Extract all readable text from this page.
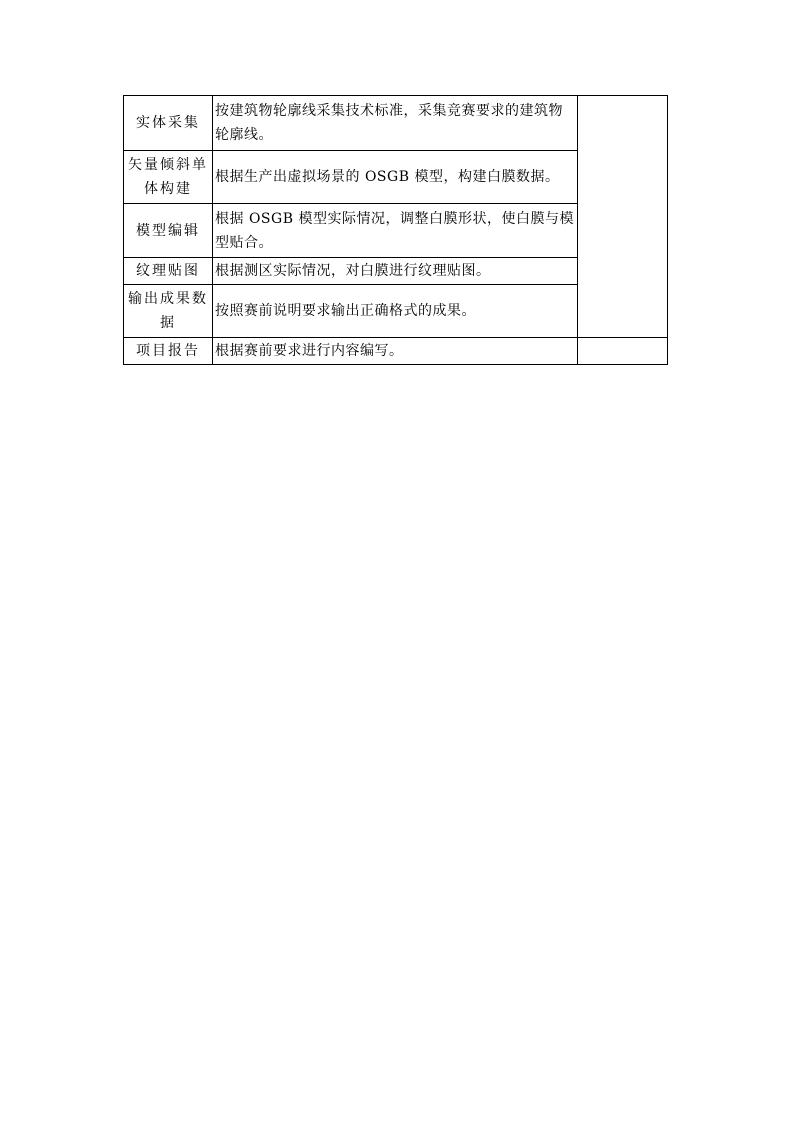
实体采集	按建筑物轮廓线采集技术标准，采集竞赛要求的建筑物轮廓线。	
矢量倾斜单体构建	根据生产出虚拟场景的 OSGB 模型，构建白膜数据。	
模型编辑	根据 OSGB 模型实际情况，调整白膜形状，使白膜与模型贴合。	
纹理贴图	根据测区实际情况，对白膜进行纹理贴图。	
输出成果数据	按照赛前说明要求输出正确格式的成果。	
项目报告	根据赛前要求进行内容编写。	
